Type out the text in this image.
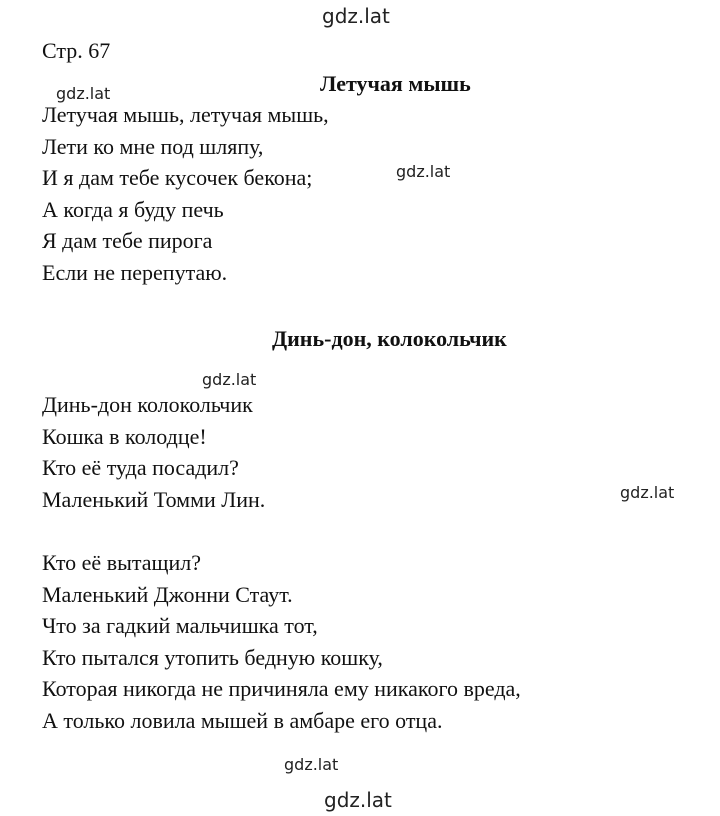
gdz.lat
gdz.lat
gdz.lat
gdz.lat
gdz.lat
gdz.lat
gdz.lat
Стр. 67
Летучая мышь
Летучая мышь, летучая мышь,
Лети ко мне под шляпу,
И я дам тебе кусочек бекона;
А когда я буду печь
Я дам тебе пирога
Если не перепутаю.
Динь-дон, колокольчик
Динь-дон колокольчик
Кошка в колодце!
Кто её туда посадил?
Маленький Томми Лин.
Кто её вытащил?
Маленький Джонни Стаут.
Что за гадкий мальчишка тот,
Кто пытался утопить бедную кошку,
Которая никогда не причиняла ему никакого вреда,
А только ловила мышей в амбаре его отца.
